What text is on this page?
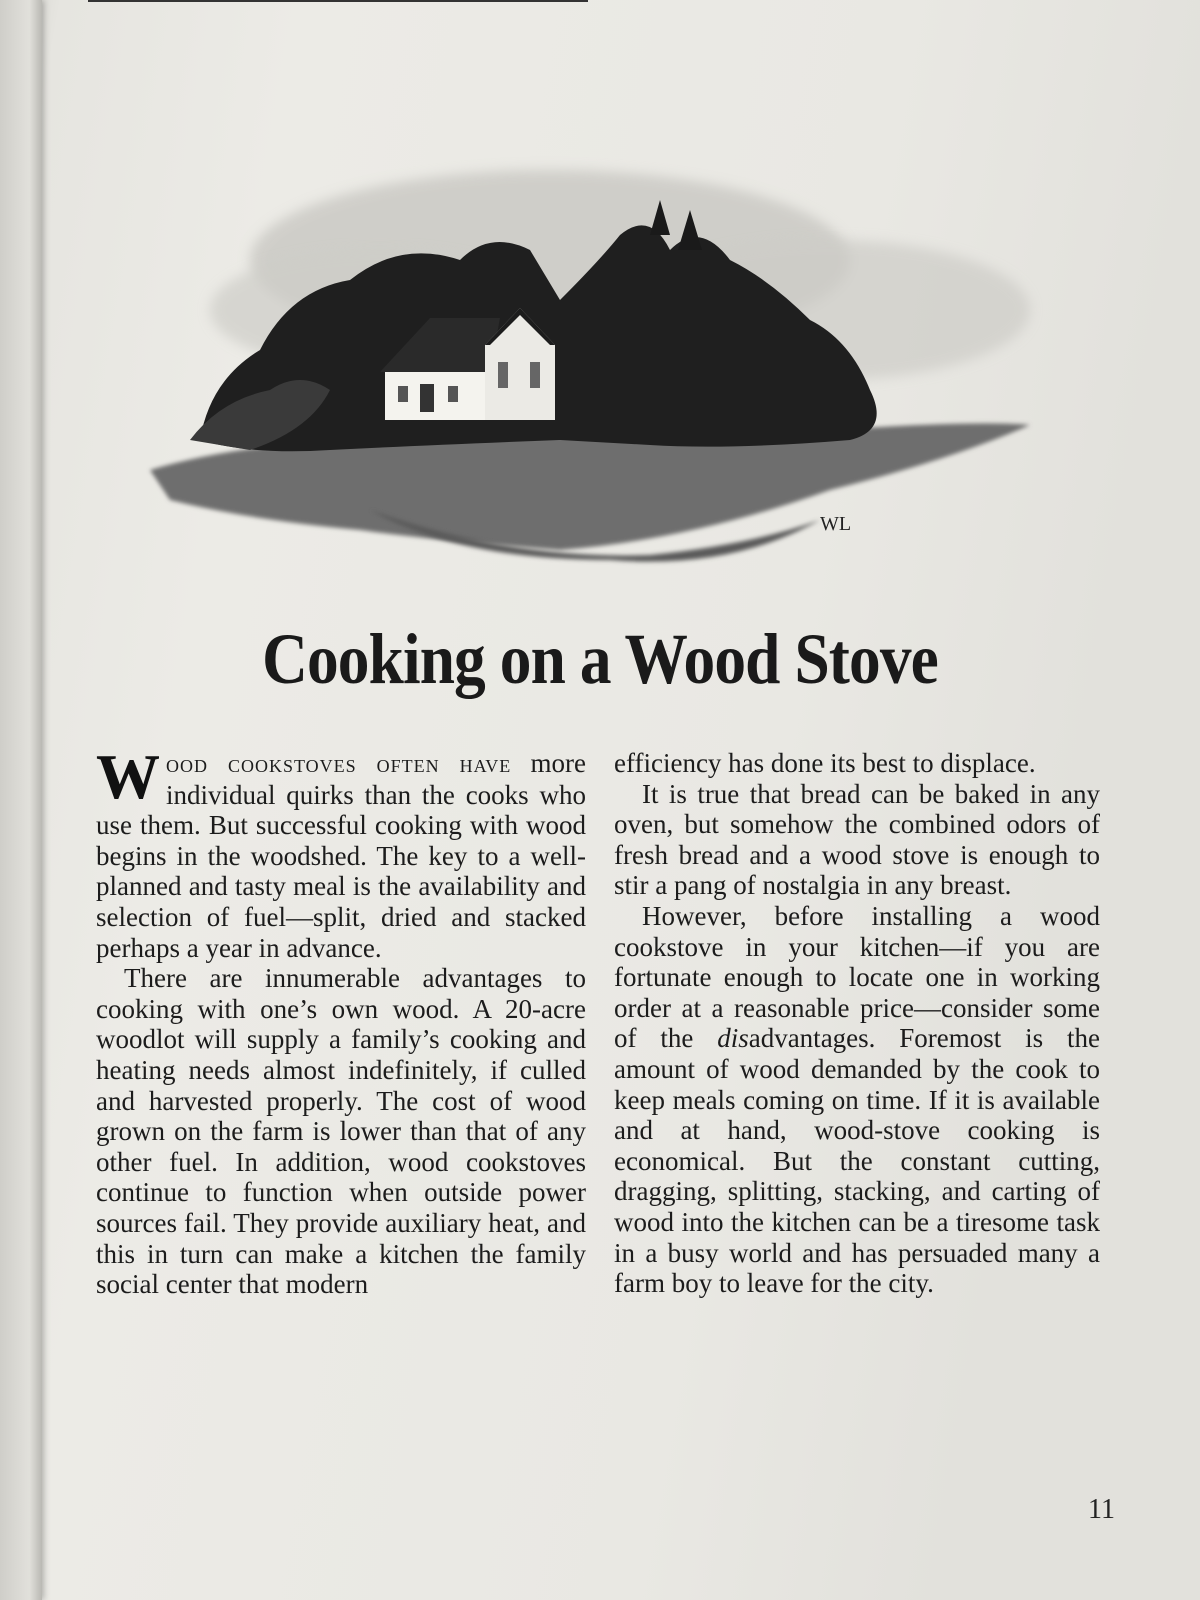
WL
Cooking on a Wood Stove

Wood cookstoves often have more individual quirks than the cooks who use them. But successful cooking with wood begins in the woodshed. The key to a well-planned and tasty meal is the availability and selection of fuel—split, dried and stacked perhaps a year in advance.

There are innumerable advantages to cooking with one’s own wood. A 20-acre woodlot will supply a family’s cooking and heating needs almost indefinitely, if culled and harvested properly. The cost of wood grown on the farm is lower than that of any other fuel. In addition, wood cookstoves continue to function when outside power sources fail. They provide auxiliary heat, and this in turn can make a kitchen the family social center that modern

efficiency has done its best to displace.

It is true that bread can be baked in any oven, but somehow the combined odors of fresh bread and a wood stove is enough to stir a pang of nostalgia in any breast.

However, before installing a wood cookstove in your kitchen—if you are fortunate enough to locate one in working order at a reasonable price—consider some of the disadvantages. Foremost is the amount of wood demanded by the cook to keep meals coming on time. If it is available and at hand, wood-stove cooking is economical. But the constant cutting, dragging, splitting, stacking, and carting of wood into the kitchen can be a tiresome task in a busy world and has persuaded many a farm boy to leave for the city.

11
